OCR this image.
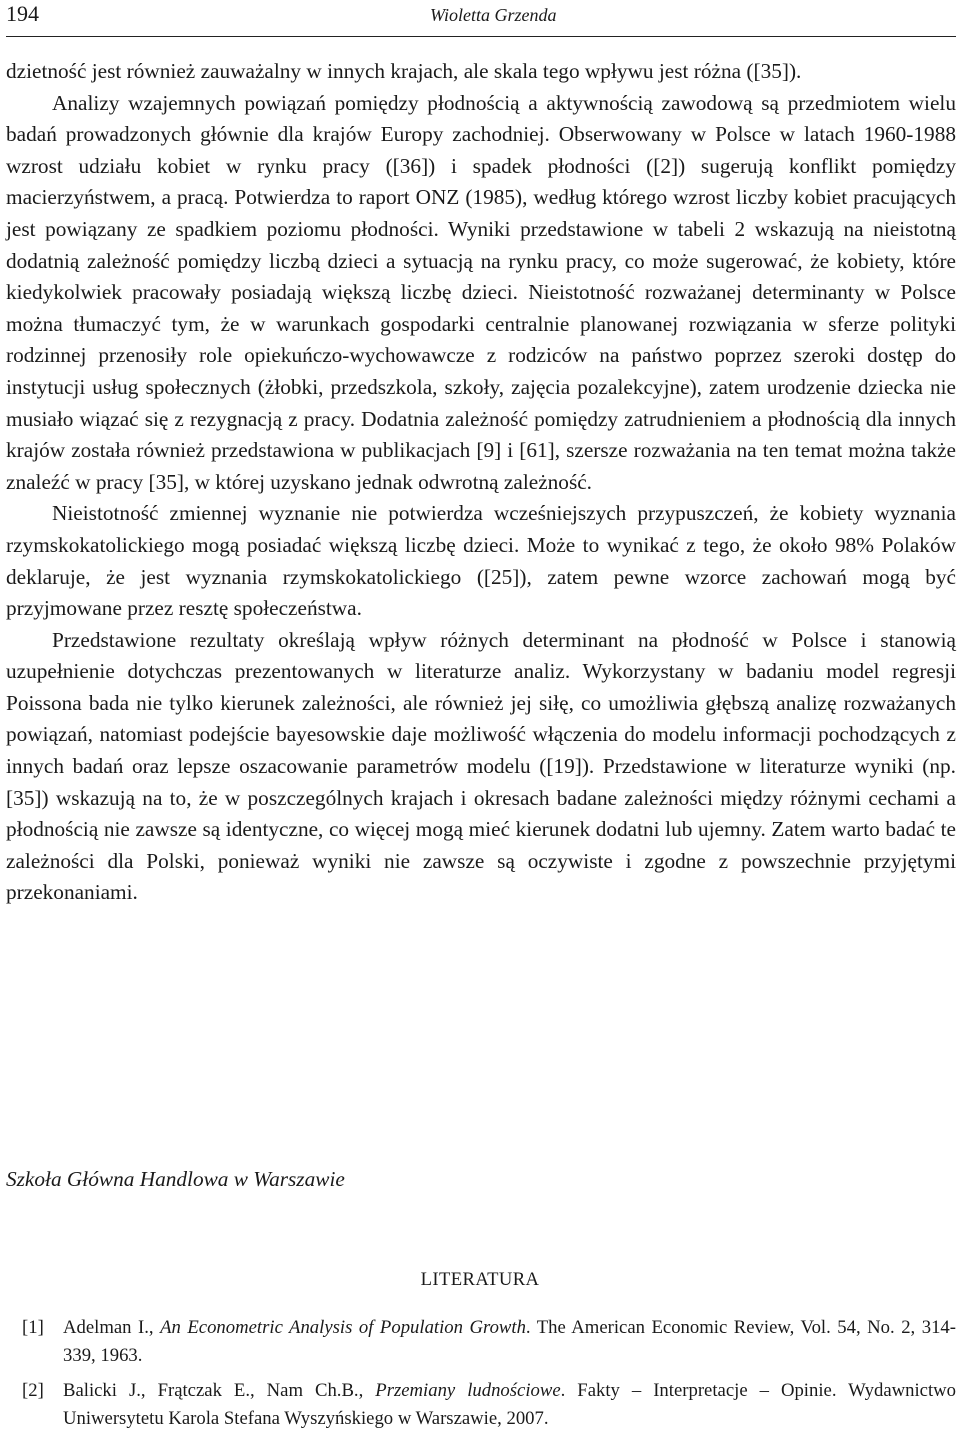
194	Wioletta Grzenda

dzietność jest również zauważalny w innych krajach, ale skala tego wpływu jest różna ([35]).

Analizy wzajemnych powiązań pomiędzy płodnością a aktywnością zawodową są przedmiotem wielu badań prowadzonych głównie dla krajów Europy zachodniej. Obserwowany w Polsce w latach 1960-1988 wzrost udziału kobiet w rynku pracy ([36]) i spadek płodności ([2]) sugerują konflikt pomiędzy macierzyństwem, a pracą. Potwierdza to raport ONZ (1985), według którego wzrost liczby kobiet pracujących jest powiązany ze spadkiem poziomu płodności. Wyniki przedstawione w tabeli 2 wskazują na nieistotną dodatnią zależność pomiędzy liczbą dzieci a sytuacją na rynku pracy, co może sugerować, że kobiety, które kiedykolwiek pracowały posiadają większą liczbę dzieci. Nieistotność rozważanej determinanty w Polsce można tłumaczyć tym, że w warunkach gospodarki centralnie planowanej rozwiązania w sferze polityki rodzinnej przenosiły role opiekuńczo-wychowawcze z rodziców na państwo poprzez szeroki dostęp do instytucji usług społecznych (żłobki, przedszkola, szkoły, zajęcia pozalekcyjne), zatem urodzenie dziecka nie musiało wiązać się z rezygnacją z pracy. Dodatnia zależność pomiędzy zatrudnieniem a płodnością dla innych krajów została również przedstawiona w publikacjach [9] i [61], szersze rozważania na ten temat można także znaleźć w pracy [35], w której uzyskano jednak odwrotną zależność.

Nieistotność zmiennej wyznanie nie potwierdza wcześniejszych przypuszczeń, że kobiety wyznania rzymskokatolickiego mogą posiadać większą liczbę dzieci. Może to wynikać z tego, że około 98% Polaków deklaruje, że jest wyznania rzymskokatolickiego ([25]), zatem pewne wzorce zachowań mogą być przyjmowane przez resztę społeczeństwa.

Przedstawione rezultaty określają wpływ różnych determinant na płodność w Polsce i stanowią uzupełnienie dotychczas prezentowanych w literaturze analiz. Wykorzystany w badaniu model regresji Poissona bada nie tylko kierunek zależności, ale również jej siłę, co umożliwia głębszą analizę rozważanych powiązań, natomiast podejście bayesowskie daje możliwość włączenia do modelu informacji pochodzących z innych badań oraz lepsze oszacowanie parametrów modelu ([19]). Przedstawione w literaturze wyniki (np. [35]) wskazują na to, że w poszczególnych krajach i okresach badane zależności między różnymi cechami a płodnością nie zawsze są identyczne, co więcej mogą mieć kierunek dodatni lub ujemny. Zatem warto badać te zależności dla Polski, ponieważ wyniki nie zawsze są oczywiste i zgodne z powszechnie przyjętymi przekonaniami.

Szkoła Główna Handlowa w Warszawie
LITERATURA
[1]	Adelman I., An Econometric Analysis of Population Growth. The American Economic Review, Vol. 54, No. 2, 314-339, 1963.
[2]	Balicki J., Frątczak E., Nam Ch.B., Przemiany ludnościowe. Fakty – Interpretacje – Opinie. Wydawnictwo Uniwersytetu Karola Stefana Wyszyńskiego w Warszawie, 2007.
